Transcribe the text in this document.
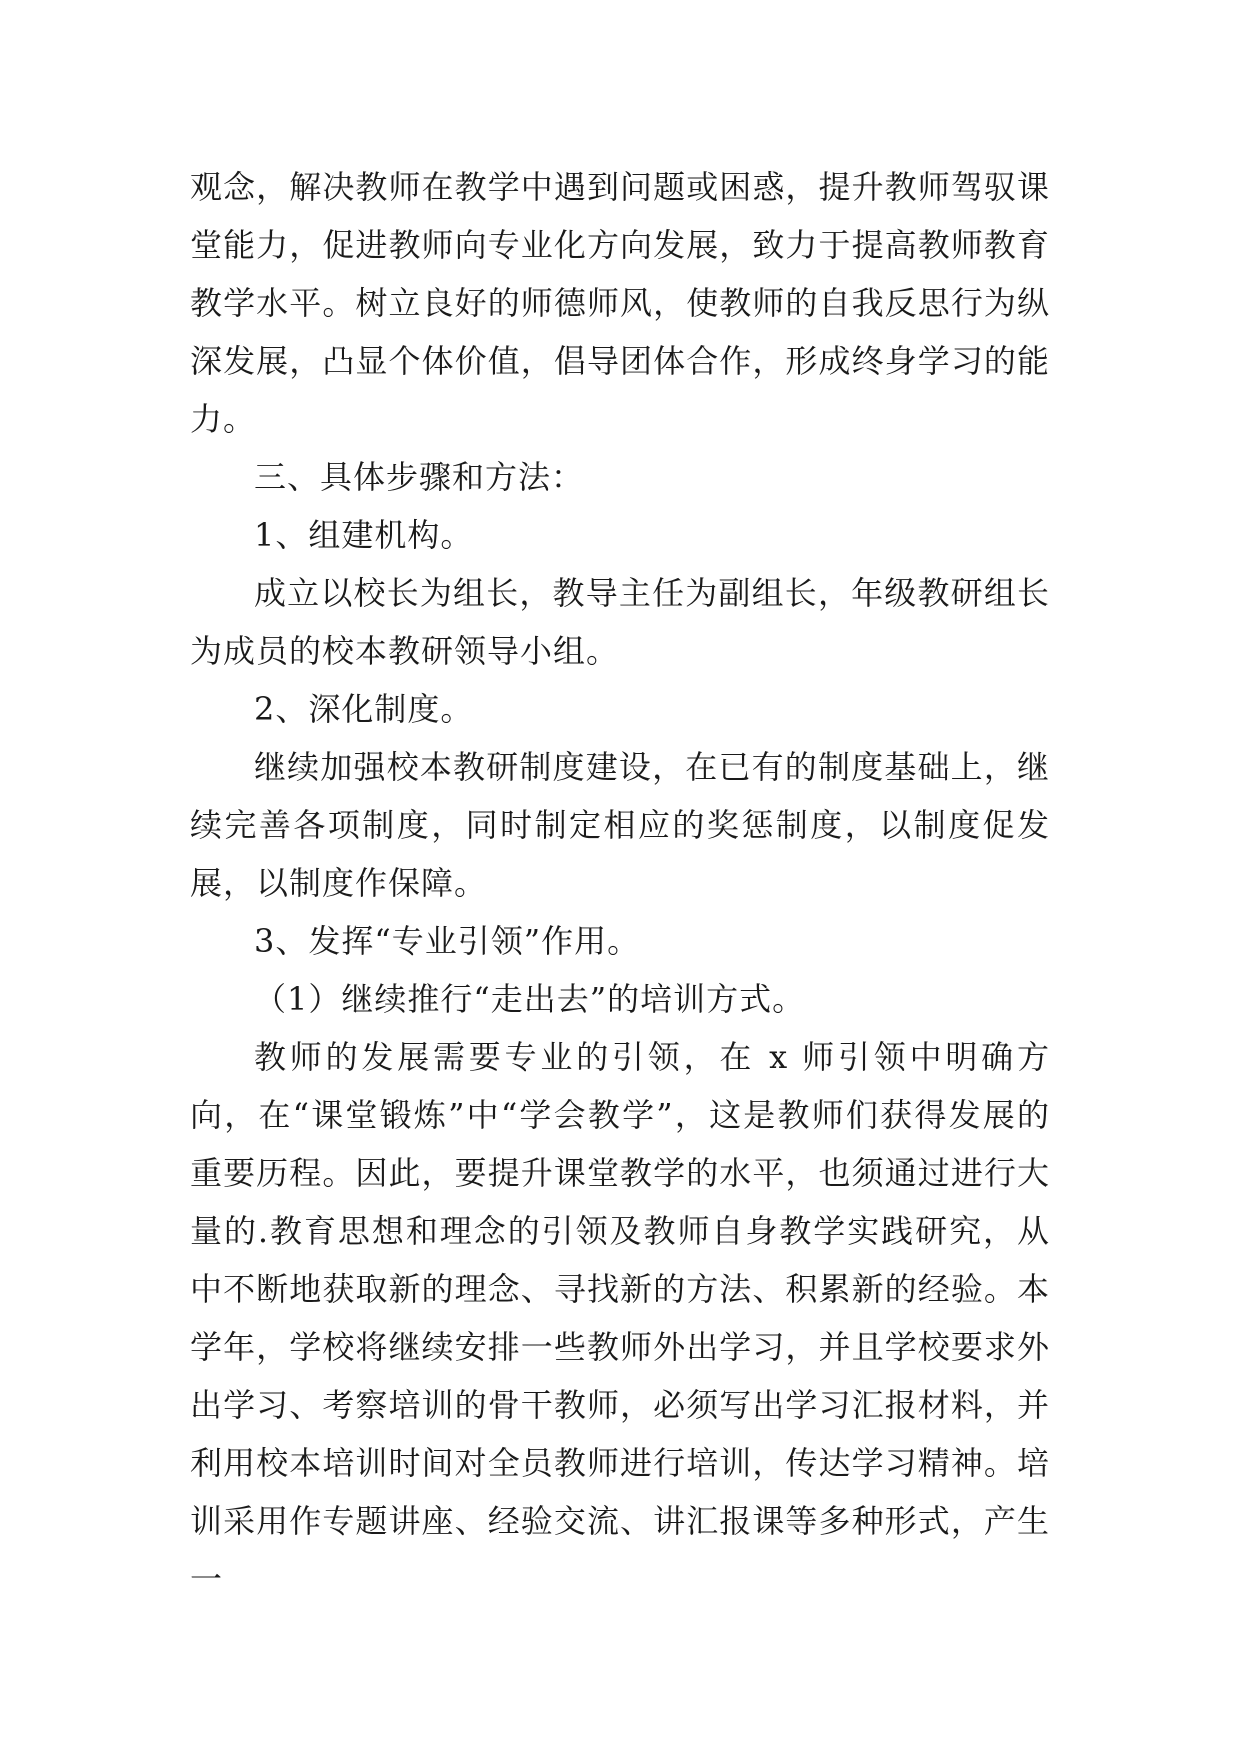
观念，解决教师在教学中遇到问题或困惑，提升教师驾驭课堂能力，促进教师向专业化方向发展，致力于提高教师教育教学水平。树立良好的师德师风，使教师的自我反思行为纵深发展，凸显个体价值，倡导团体合作，形成终身学习的能力。

三、具体步骤和方法：

1、组建机构。

成立以校长为组长，教导主任为副组长，年级教研组长为成员的校本教研领导小组。

2、深化制度。

继续加强校本教研制度建设，在已有的制度基础上，继续完善各项制度，同时制定相应的奖惩制度，以制度促发展，以制度作保障。

3、发挥“专业引领”作用。

（1）继续推行“走出去”的培训方式。

教师的发展需要专业的引领，在 x 师引领中明确方向，在“课堂锻炼”中“学会教学”，这是教师们获得发展的重要历程。因此，要提升课堂教学的水平，也须通过进行大量的.教育思想和理念的引领及教师自身教学实践研究，从中不断地获取新的理念、寻找新的方法、积累新的经验。本学年，学校将继续安排一些教师外出学习，并且学校要求外出学习、考察培训的骨干教师，必须写出学习汇报材料，并利用校本培训时间对全员教师进行培训，传达学习精神。培训采用作专题讲座、经验交流、讲汇报课等多种形式，产生一
